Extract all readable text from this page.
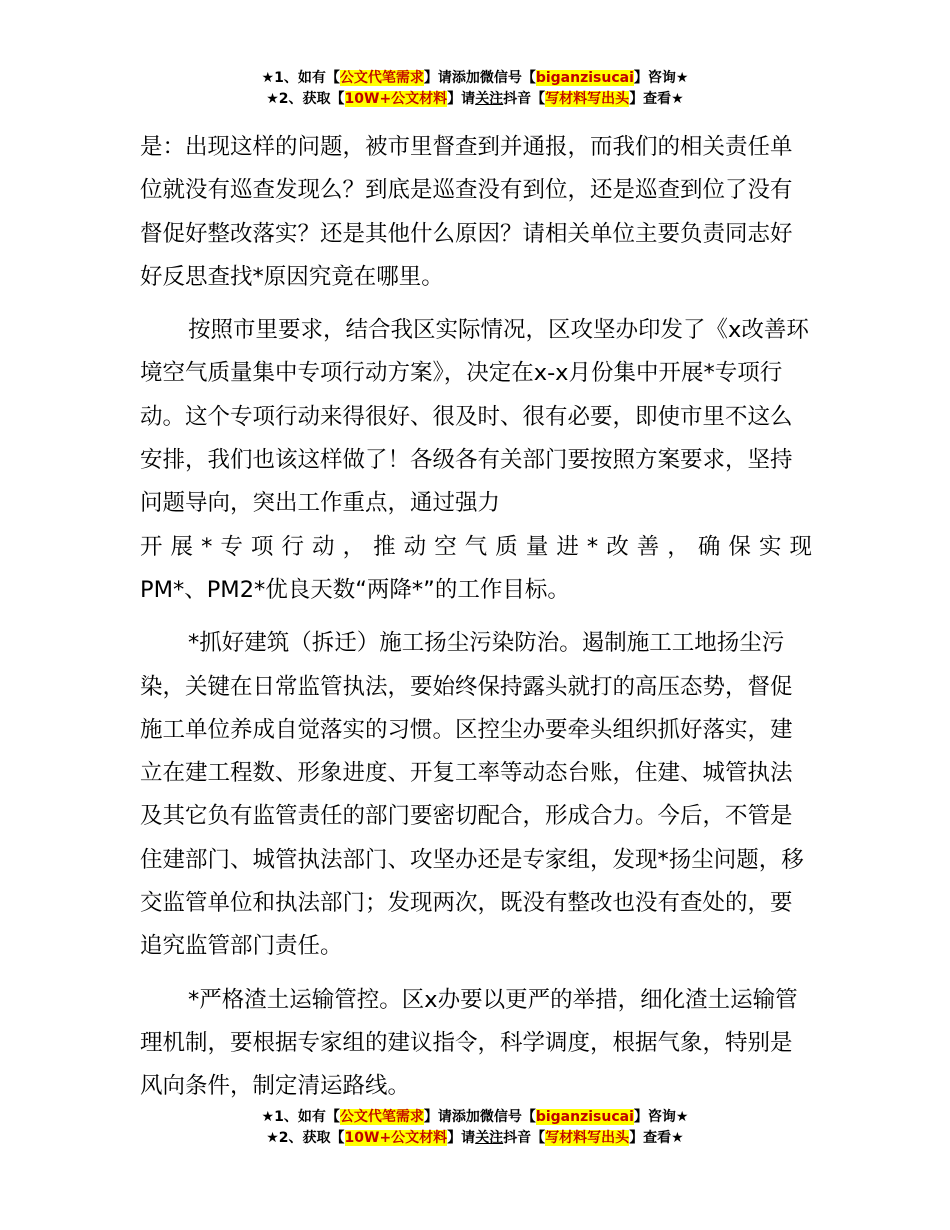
★1、如有【公文代笔需求】请添加微信号【biganzisucai】咨询★
★2、获取【10W+公文材料】请关注抖音【写材料写出头】查看★

是：出现这样的问题，被市里督查到并通报，而我们的相关责任单位就没有巡查发现么？到底是巡查没有到位，还是巡查到位了没有督促好整改落实？还是其他什么原因？请相关单位主要负责同志好好反思查找*原因究竟在哪里。

按照市里要求，结合我区实际情况，区攻坚办印发了《x改善环境空气质量集中专项行动方案》，决定在x-x月份集中开展*专项行动。这个专项行动来得很好、很及时、很有必要，即使市里不这么安排，我们也该这样做了！各级各有关部门要按照方案要求，坚持问题导向，突出工作重点，通过强力
开展*专项行动，推动空气质量进*改善，确保实现

PM*、PM2*优良天数“两降*”的工作目标。

*抓好建筑（拆迁）施工扬尘污染防治。遏制施工工地扬尘污染，关键在日常监管执法，要始终保持露头就打的高压态势，督促施工单位养成自觉落实的习惯。区控尘办要牵头组织抓好落实，建立在建工程数、形象进度、开复工率等动态台账，住建、城管执法及其它负有监管责任的部门要密切配合，形成合力。今后，不管是住建部门、城管执法部门、攻坚办还是专家组，发现*扬尘问题，移交监管单位和执法部门；发现两次，既没有整改也没有查处的，要追究监管部门责任。

*严格渣土运输管控。区x办要以更严的举措，细化渣土运输管理机制，要根据专家组的建议指令，科学调度，根据气象，特别是风向条件，制定清运路线。

★1、如有【公文代笔需求】请添加微信号【biganzisucai】咨询★
★2、获取【10W+公文材料】请关注抖音【写材料写出头】查看★
